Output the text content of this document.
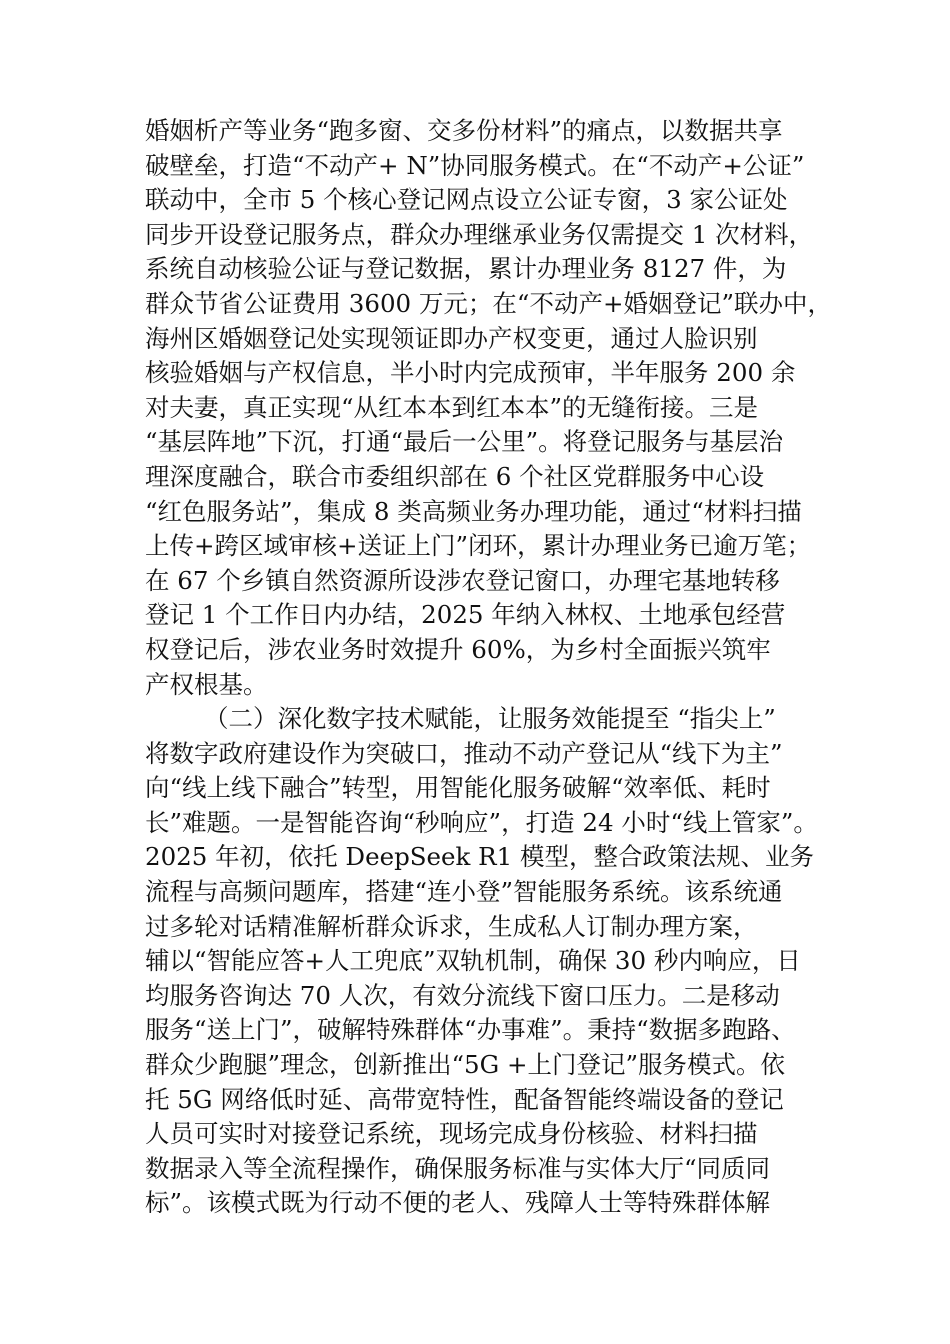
婚姻析产等业务“跑多窗、交多份材料”的痛点，以数据共享
破壁垒，打造“不动产+ N”协同服务模式。在“不动产+公证”
联动中，全市 5 个核心登记网点设立公证专窗，3 家公证处
同步开设登记服务点，群众办理继承业务仅需提交 1 次材料，
系统自动核验公证与登记数据，累计办理业务 8127 件，为
群众节省公证费用 3600 万元；在“不动产+婚姻登记”联办中，
海州区婚姻登记处实现领证即办产权变更，通过人脸识别
核验婚姻与产权信息，半小时内完成预审，半年服务 200 余
对夫妻，真正实现“从红本本到红本本”的无缝衔接。三是
“基层阵地”下沉，打通“最后一公里”。将登记服务与基层治
理深度融合，联合市委组织部在 6 个社区党群服务中心设
“红色服务站”，集成 8 类高频业务办理功能，通过“材料扫描
上传+跨区域审核+送证上门”闭环，累计办理业务已逾万笔；
在 67 个乡镇自然资源所设涉农登记窗口，办理宅基地转移
登记 1 个工作日内办结，2025 年纳入林权、土地承包经营
权登记后，涉农业务时效提升 60%，为乡村全面振兴筑牢
产权根基。
（二）深化数字技术赋能，让服务效能提至 “指尖上”
将数字政府建设作为突破口，推动不动产登记从“线下为主”
向“线上线下融合”转型，用智能化服务破解“效率低、耗时
长”难题。一是智能咨询“秒响应”，打造 24 小时“线上管家”。
2025 年初，依托 DeepSeek R1 模型，整合政策法规、业务
流程与高频问题库，搭建“连小登”智能服务系统。该系统通
过多轮对话精准解析群众诉求，生成私人订制办理方案，
辅以“智能应答+人工兜底”双轨机制，确保 30 秒内响应，日
均服务咨询达 70 人次，有效分流线下窗口压力。二是移动
服务“送上门”，破解特殊群体“办事难”。秉持“数据多跑路、
群众少跑腿”理念，创新推出“5G +上门登记”服务模式。依
托 5G 网络低时延、高带宽特性，配备智能终端设备的登记
人员可实时对接登记系统，现场完成身份核验、材料扫描
数据录入等全流程操作，确保服务标准与实体大厅“同质同
标”。该模式既为行动不便的老人、残障人士等特殊群体解
